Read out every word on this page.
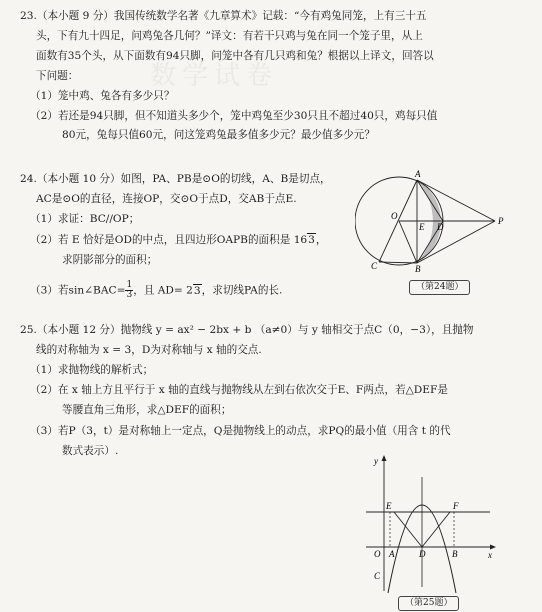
数学试卷
23.（本小题 9 分）我国传统数学名著《九章算术》记载：“今有鸡兔同笼，上有三十五
头，下有九十四足，问鸡兔各几何？”译文：有若干只鸡与兔在同一个笼子里，从上
面数有35个头，从下面数有94只脚，问笼中各有几只鸡和兔？根据以上译文，回答以
下问题：
（1）笼中鸡、兔各有多少只？
（2）若还是94只脚，但不知道头多少个，笼中鸡兔至少30只且不超过40只，鸡每只值
80元，兔每只值60元，问这笼鸡兔最多值多少元？最少值多少元？
24.（本小题 10 分）如图，PA、PB是⊙O的切线，A、B是切点，
AC是⊙O的直径，连接OP，交⊙O于点D，交AB于点E.
（1）求证：BC//OP；
（2）若 E 恰好是OD的中点，且四边形OAPB的面积是 163，
求阴影部分的面积；
（3）若sin∠BAC= $\frac{1}{3}$ ，且 AD= 23，求切线PA的长.
A
O
E D
P
C	B
（第24题）
25.（本小题 12 分）抛物线 y = ax² − 2bx + b （a≠0）与 y 轴相交于点C（0，−3），且抛物
线的对称轴为 x = 3，D为对称轴与 x 轴的交点.
（1）求抛物线的解析式；
（2）在 x 轴上方且平行于 x 轴的直线与抛物线从左到右依次交于E、F两点，若△DEF是
等腰直角三角形，求△DEF的面积；
（3）若P（3，t）是对称轴上一定点，Q是抛物线上的动点，求PQ的最小值（用含 t 的代
数式表示）.
y
x
E	F
O A	D	B
C
（第25题）
